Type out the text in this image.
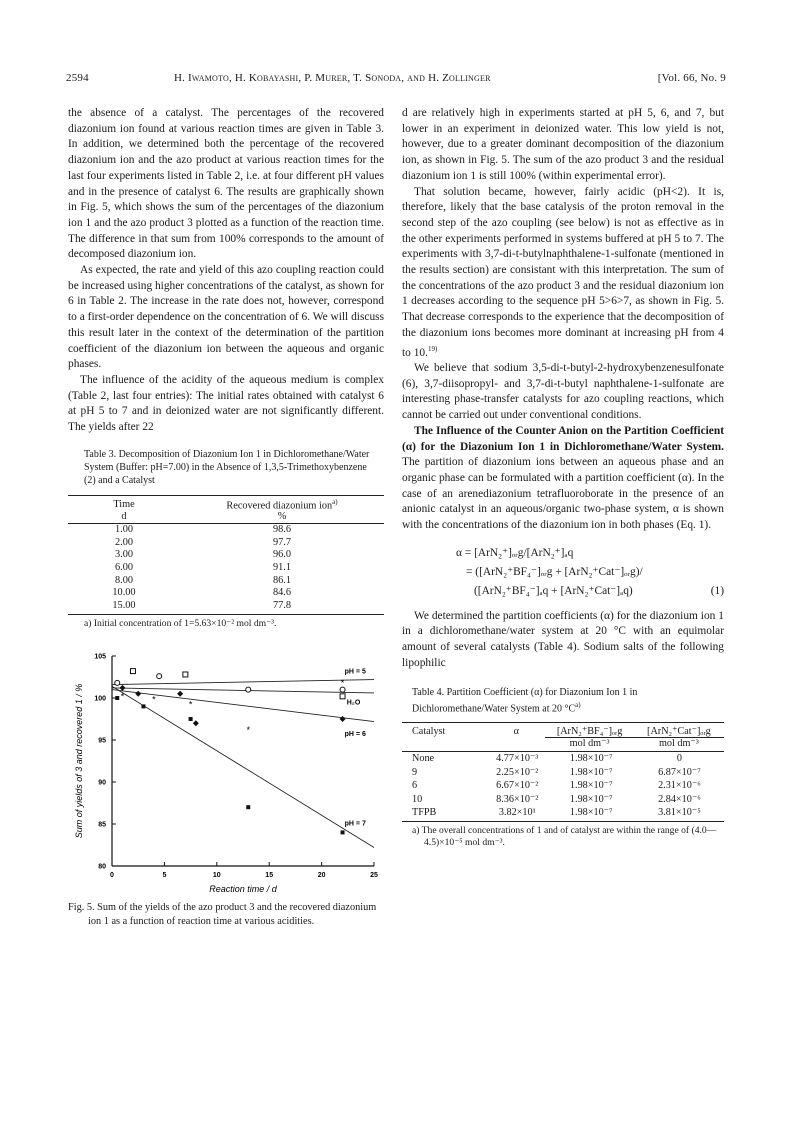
2594	H. Iwamoto, H. Kobayashi, P. Murer, T. Sonoda, and H. Zollinger	[Vol. 66, No. 9

the absence of a catalyst. The percentages of the recovered diazonium ion found at various reaction times are given in Table 3. In addition, we determined both the percentage of the recovered diazonium ion and the azo product at various reaction times for the last four experiments listed in Table 2, i.e. at four different pH values and in the presence of catalyst 6. The results are graphically shown in Fig. 5, which shows the sum of the percentages of the diazonium ion 1 and the azo product 3 plotted as a function of the reaction time. The difference in that sum from 100% corresponds to the amount of decomposed diazonium ion.

As expected, the rate and yield of this azo coupling reaction could be increased using higher concentrations of the catalyst, as shown for 6 in Table 2. The increase in the rate does not, however, correspond to a first-order dependence on the concentration of 6. We will discuss this result later in the context of the determination of the partition coefficient of the diazonium ion between the aqueous and organic phases.

The influence of the acidity of the aqueous medium is complex (Table 2, last four entries): The initial rates obtained with catalyst 6 at pH 5 to 7 and in deionized water are not significantly different. The yields after 22

Table 3. Decomposition of Diazonium Ion 1 in Dichloromethane/Water System (Buffer: pH=7.00) in the Absence of 1,3,5-Trimethoxybenzene (2) and a Catalyst

Time	Recovered diazonium ion$^{a)}$
d	%
1.00	98.6
2.00	97.7
3.00	96.0
6.00	91.1
8.00	86.1
10.00	84.6
15.00	77.8

a) Initial concentration of 1=5.63×10⁻² mol dm⁻³.

0	5	10	15	20	25
80
85
90
95
100
105
Reaction time / d
Sum of yields of 3 and recovered 1 / %	*	*
*
*
*
pH = 5
H₂O
pH = 6
pH = 7

Fig. 5. Sum of the yields of the azo product 3 and the recovered diazonium ion 1 as a function of reaction time at various acidities.

d are relatively high in experiments started at pH 5, 6, and 7, but lower in an experiment in deionized water. This low yield is not, however, due to a greater dominant decomposition of the diazonium ion, as shown in Fig. 5. The sum of the azo product 3 and the residual diazonium ion 1 is still 100% (within experimental error).

That solution became, however, fairly acidic (pH<2). It is, therefore, likely that the base catalysis of the proton removal in the second step of the azo coupling (see below) is not as effective as in the other experiments performed in systems buffered at pH 5 to 7. The experiments with 3,7-di-t-butylnaphthalene-1-sulfonate (mentioned in the results section) are consistant with this interpretation. The sum of the concentrations of the azo product 3 and the residual diazonium ion 1 decreases according to the sequence pH 5>6>7, as shown in Fig. 5. That decrease corresponds to the experience that the decomposition of the diazonium ions becomes more dominant at increasing pH from 4 to 10.$^{19)}$

We believe that sodium 3,5-di-t-butyl-2-hydroxybenzenesulfonate (6), 3,7-diisopropyl- and 3,7-di-t-butyl naphthalene-1-sulfonate are interesting phase-transfer catalysts for azo coupling reactions, which cannot be carried out under conventional conditions.

The Influence of the Counter Anion on the Partition Coefficient (α) for the Diazonium Ion 1 in Dichloromethane/Water System. The partition of diazonium ions between an aqueous phase and an organic phase can be formulated with a partition coefficient (α). In the case of an arenediazonium tetrafluoroborate in the presence of an anionic catalyst in an aqueous/organic two-phase system, α is shown with the concentrations of the diazonium ion in both phases (Eq. 1).

α = [ArN₂⁺]ₒᵣg/[ArN₂⁺]ₐq
= ([ArN₂⁺BF₄⁻]ₒᵣg + [ArN₂⁺Cat⁻]ₒᵣg)/
([ArN₂⁺BF₄⁻]ₐq + [ArN₂⁺Cat⁻]ₐq)	(1)

We determined the partition coefficients (α) for the diazonium ion 1 in a dichloromethane/water system at 20 °C with an equimolar amount of several catalysts (Table 4). Sodium salts of the following lipophilic

Table 4. Partition Coefficient (α) for Diazonium Ion 1 in Dichloromethane/Water System at 20 $^\circ C^{a)}$

Catalyst	α	[ArN₂⁺BF₄⁻]ₒᵣg	[ArN₂⁺Cat⁻]ₒᵣg
		mol dm⁻³	mol dm⁻³
None	4.77×10⁻³	1.98×10⁻⁷	0
9	2.25×10⁻²	1.98×10⁻⁷	6.87×10⁻⁷
6	6.67×10⁻²	1.98×10⁻⁷	2.31×10⁻⁶
10	8.36×10⁻²	1.98×10⁻⁷	2.84×10⁻⁶
TFPB	3.82×10¹	1.98×10⁻⁷	3.81×10⁻⁵

a) The overall concentrations of 1 and of catalyst are within the range of (4.0—4.5)×10⁻⁵ mol dm⁻³.
